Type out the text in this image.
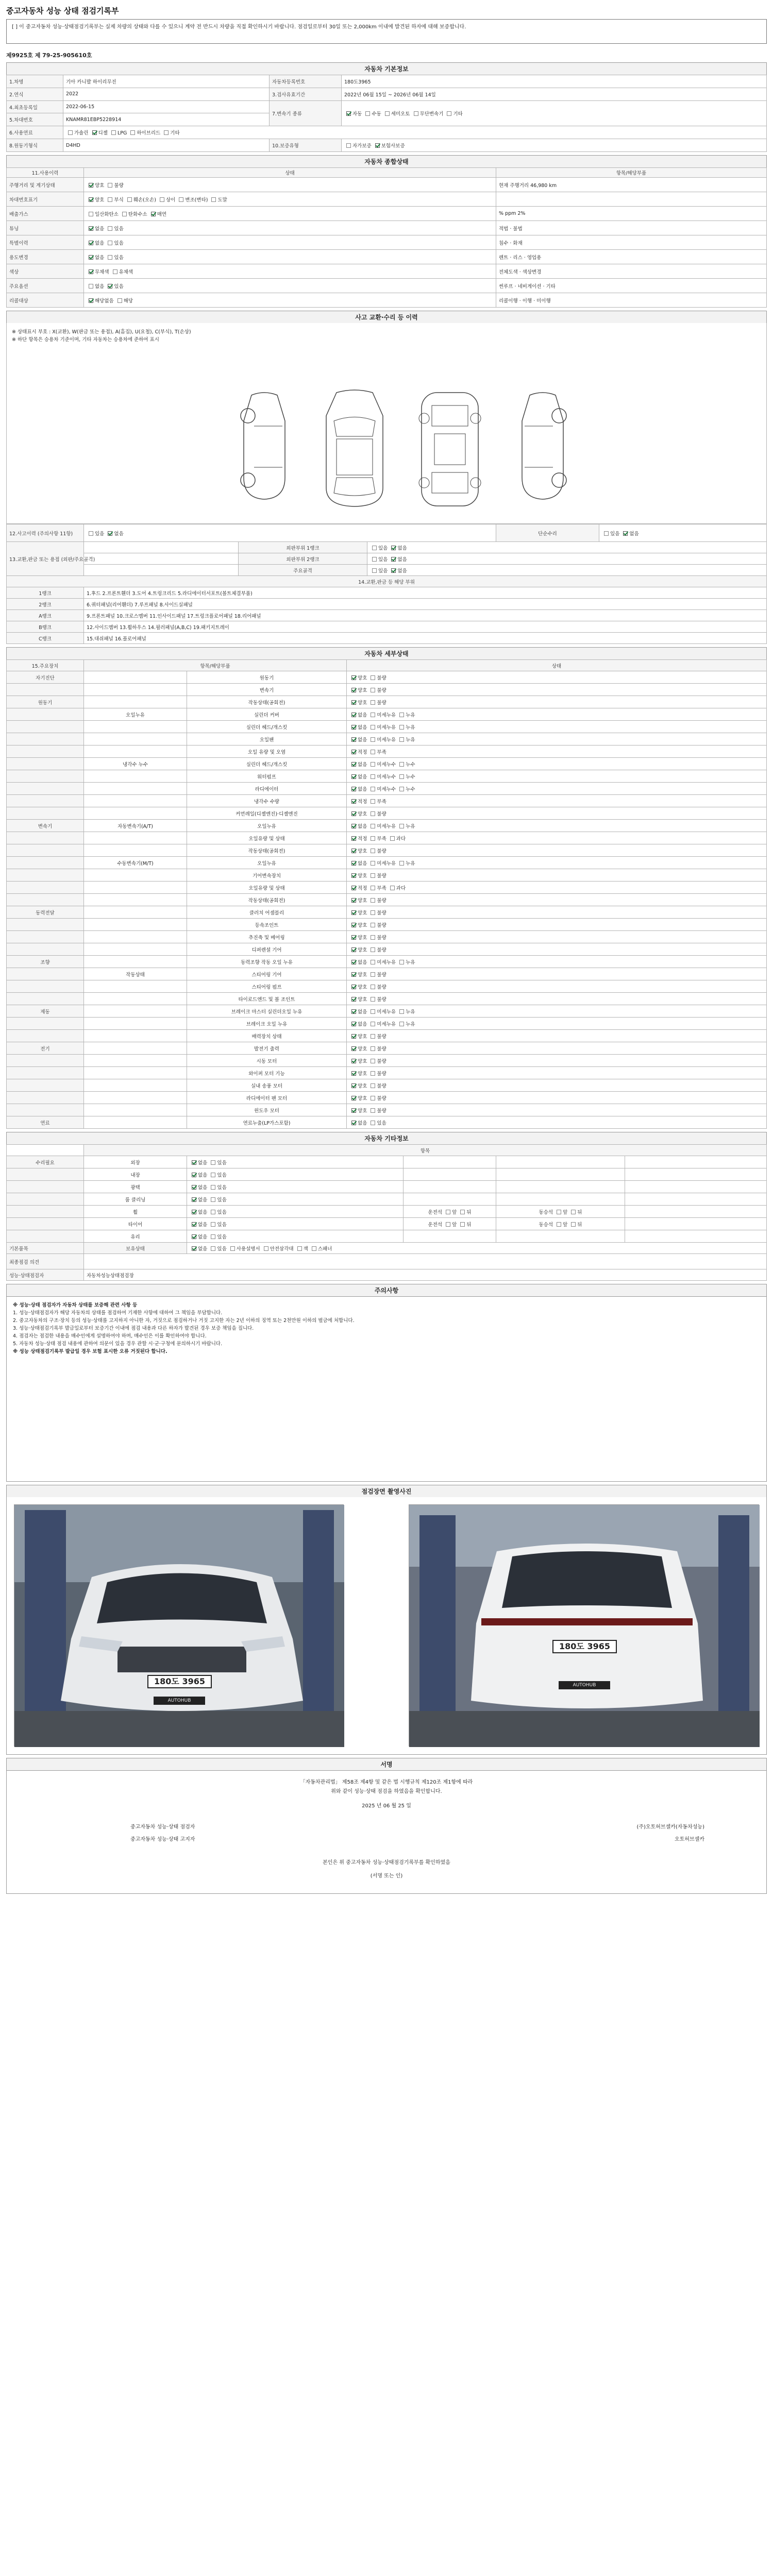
중고자동차 성능 상태 점검기록부
[ ] 이 중고자동차 성능·상태점검기록부는 실제 차량의 상태와 다를 수 있으니 계약 전 반드시 차량을 직접 확인하시기 바랍니다. 점검일로부터 30일 또는 2,000km 이내에 발견된 하자에 대해 보증합니다.
제9925호 제 79-25-905610호
자동차 기본정보
1.차명	기아 카니발 하이리무진	자동차등록번호	180도3965
2.연식	2022	3.검사유효기간	2022년 06월 15일 ~ 2026년 06월 14일
4.최초등록일	2022-06-15	7.변속기 종류	자동 수동 세미오토 무단변속기 기타
5.차대번호	KNAMR81EBP5228914		
6.사용연료	가솔린 디젤 LPG 하이브리드 기타		
8.원동기형식	D4HD	10.보증유형	자가보증 보험사보증
자동차 종합상태
11.사용이력	상태	항목/해당부품
주행거리 및 계기상태	양호 불량	현재 주행거리 46,980 km
차대번호표기	양호 부식 훼손(오손) 상이 변조(변타) 도말	
배출가스	일산화탄소 탄화수소 매연	% ppm 2%
튜닝	없음 있음	적법 · 불법
특별이력	없음 있음	침수 · 화재
용도변경	없음 있음	렌트 · 리스 · 영업용
색상	무채색 유채색	전체도색 · 색상변경
주요옵션	없음 있음	썬루프 · 네비게이션 · 기타
리콜대상	해당없음 해당	리콜이행 · 이행 · 미이행
사고 교환·수리 등 이력
※ 상태표시 부호 : X(교환), W(판금 또는 용접), A(흠집), U(요철), C(부식), T(손상)
※ 하단 항목은 승용차 기준이며, 기타 자동차는 승용차에 준하여 표시
12.사고이력 (주의사항 11항)	있음 없음			단순수리	있음 없음
13.교환,판금 또는 용접 (외판/주요골격)		외판부위 1랭크	있음 없음		
		외판부위 2랭크	있음 없음		
		주요골격	있음 없음		
14.교환,판금 등 해당 부위					
1랭크	1.후드 2.프론트휀더 3.도어 4.트렁크리드 5.라디에이터서포트(볼트체결부품)				
2랭크	6.쿼터패널(리어휀더) 7.루프패널 8.사이드실패널				
A랭크	9.프론트패널 10.크로스멤버 11.인사이드패널 17.트렁크플로어패널 18.리어패널				
B랭크	12.사이드멤버 13.휠하우스 14.필러패널(A,B,C) 19.패키지트레이				
C랭크	15.대쉬패널 16.플로어패널				
자동차 세부상태
15.주요장치	항목/해당부품		상태
자기진단		원동기	양호 불량
		변속기	양호 불량
원동기		작동상태(공회전)	양호 불량
	오일누유	실린더 커버	없음 미세누유 누유
		실린더 헤드/개스킷	없음 미세누유 누유
		오일팬	없음 미세누유 누유
		오일 유량 및 오염	적정 부족
	냉각수 누수	실린더 헤드/개스킷	없음 미세누수 누수
		워터펌프	없음 미세누수 누수
		라디에이터	없음 미세누수 누수
		냉각수 수량	적정 부족
		커먼레일(디젤엔진)·디젤엔진	양호 불량
변속기	자동변속기(A/T)	오일누유	없음 미세누유 누유
		오일유량 및 상태	적정 부족 과다
		작동상태(공회전)	양호 불량
	수동변속기(M/T)	오일누유	없음 미세누유 누유
		기어변속장치	양호 불량
		오일유량 및 상태	적정 부족 과다
		작동상태(공회전)	양호 불량
동력전달		클러치 어셈블리	양호 불량
		등속조인트	양호 불량
		추진축 및 베어링	양호 불량
		디퍼렌셜 기어	양호 불량
조향		동력조향 작동 오일 누유	없음 미세누유 누유
	작동상태	스티어링 기어	양호 불량
		스티어링 펌프	양호 불량
		타이로드엔드 및 볼 조인트	양호 불량
제동		브레이크 마스터 실린더오일 누유	없음 미세누유 누유
		브레이크 오일 누유	없음 미세누유 누유
		배력장치 상태	양호 불량
전기		발전기 출력	양호 불량
		시동 모터	양호 불량
		와이퍼 모터 기능	양호 불량
		실내 송풍 모터	양호 불량
		라디에이터 팬 모터	양호 불량
		윈도우 모터	양호 불량
연료		연료누출(LP가스포함)	없음 있음
자동차 기타정보
	항목				
수리필요	외장	없음 있음			
	내장	없음 있음			
	광택	없음 있음			
	룸 클리닝	없음 있음			
	휠	없음 있음	운전석 앞 뒤	동승석 앞 뒤	
	타이어	없음 있음	운전석 앞 뒤	동승석 앞 뒤	
	유리	없음 있음			
기본품목	보유상태	없음 있음 사용설명서 안전삼각대 잭 스패너			
최종점검 의견					
성능·상태점검자	자동차성능상태점검장				
주의사항

※ 성능·상태 점검자가 자동차 상태를 보증해 관련 사항 등

1. 성능·상태점검자가 해당 자동차의 상태를 점검하여 기재한 사항에 대하여 그 책임을 부담합니다.

2. 중고자동차의 구조·장치 등의 성능·상태를 고지하지 아니한 자, 거짓으로 점검하거나 거짓 고지한 자는 2년 이하의 징역 또는 2천만원 이하의 벌금에 처합니다.

3. 성능·상태점검기록부 발급일로부터 보증기간 이내에 점검 내용과 다른 하자가 발견된 경우 보증 책임을 집니다.

4. 점검자는 점검한 내용을 매수인에게 설명하여야 하며, 매수인은 이를 확인하여야 합니다.

5. 자동차 성능·상태 점검 내용에 관하여 의문이 있을 경우 관할 시·군·구청에 문의하시기 바랍니다.

※ 성능 상태점검기록부 발급일 경우 보험 표시한 오류 거짓된다 합니다.

점검장면 촬영사진
180도 3965
AUTOHUB
180도 3965
AUTOHUB
서명
「자동차관리법」 제58조 제4항 및 같은 법 시행규칙 제120조 제1항에 따라
위와 같이 성능·상태 점검을 하였음을 확인합니다.
2025 년 06 월 25 일
중고자동차 성능·상태 점검자	(주)오토허브셀카(자동차성능)
중고자동차 성능·상태 고지자	오토허브셀카
본인은 위 중고자동차 성능·상태점검기록부를 확인하였음
(서명 또는 인)
